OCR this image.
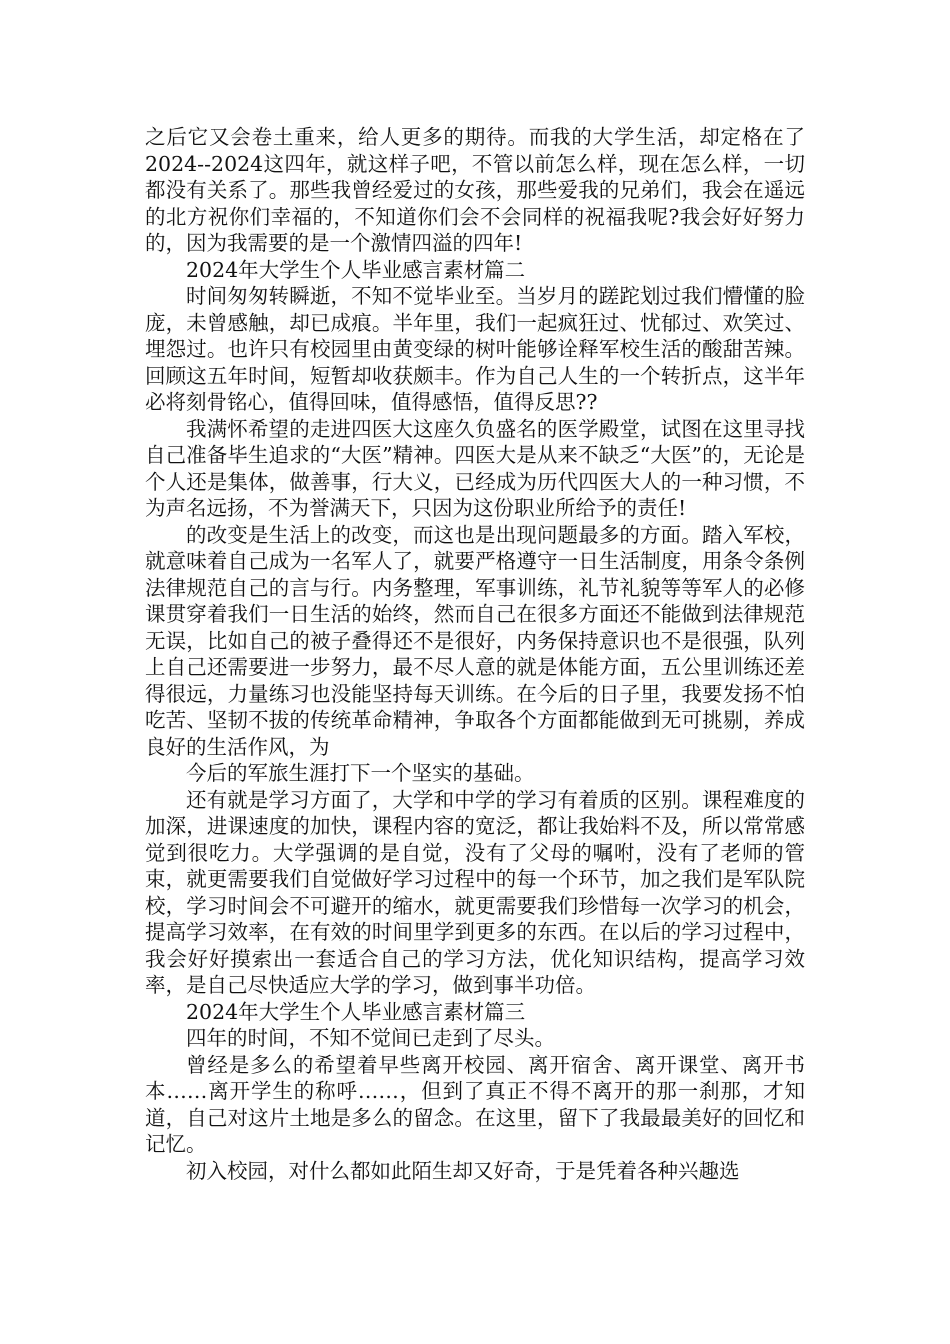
之后它又会卷土重来，给人更多的期待。而我的大学生活，却定格在了2024--2024这四年，就这样子吧，不管以前怎么样，现在怎么样，一切都没有关系了。那些我曾经爱过的女孩，那些爱我的兄弟们，我会在遥远的北方祝你们幸福的，不知道你们会不会同样的祝福我呢?我会好好努力的，因为我需要的是一个激情四溢的四年!

2024年大学生个人毕业感言素材篇二

时间匆匆转瞬逝，不知不觉毕业至。当岁月的蹉跎划过我们懵懂的脸庞，未曾感触，却已成痕。半年里，我们一起疯狂过、忧郁过、欢笑过、埋怨过。也许只有校园里由黄变绿的树叶能够诠释军校生活的酸甜苦辣。回顾这五年时间，短暂却收获颇丰。作为自己人生的一个转折点，这半年必将刻骨铭心，值得回味，值得感悟，值得反思??

我满怀希望的走进四医大这座久负盛名的医学殿堂，试图在这里寻找自己准备毕生追求的“大医”精神。四医大是从来不缺乏“大医”的，无论是个人还是集体，做善事，行大义，已经成为历代四医大人的一种习惯，不为声名远扬，不为誉满天下，只因为这份职业所给予的责任!

的改变是生活上的改变，而这也是出现问题最多的方面。踏入军校，就意味着自己成为一名军人了，就要严格遵守一日生活制度，用条令条例法律规范自己的言与行。内务整理，军事训练，礼节礼貌等等军人的必修课贯穿着我们一日生活的始终，然而自己在很多方面还不能做到法律规范无误，比如自己的被子叠得还不是很好，内务保持意识也不是很强，队列上自己还需要进一步努力，最不尽人意的就是体能方面，五公里训练还差得很远，力量练习也没能坚持每天训练。在今后的日子里，我要发扬不怕吃苦、坚韧不拔的传统革命精神，争取各个方面都能做到无可挑剔，养成良好的生活作风，为

今后的军旅生涯打下一个坚实的基础。

还有就是学习方面了，大学和中学的学习有着质的区别。课程难度的加深，进课速度的加快，课程内容的宽泛，都让我始料不及，所以常常感觉到很吃力。大学强调的是自觉，没有了父母的嘱咐，没有了老师的管束，就更需要我们自觉做好学习过程中的每一个环节，加之我们是军队院校，学习时间会不可避开的缩水，就更需要我们珍惜每一次学习的机会，提高学习效率，在有效的时间里学到更多的东西。在以后的学习过程中，我会好好摸索出一套适合自己的学习方法，优化知识结构，提高学习效率，是自己尽快适应大学的学习，做到事半功倍。

2024年大学生个人毕业感言素材篇三

四年的时间，不知不觉间已走到了尽头。

曾经是多么的希望着早些离开校园、离开宿舍、离开课堂、离开书本……离开学生的称呼……，但到了真正不得不离开的那一刹那，才知道，自己对这片土地是多么的留念。在这里，留下了我最最美好的回忆和记忆。

初入校园，对什么都如此陌生却又好奇，于是凭着各种兴趣选
